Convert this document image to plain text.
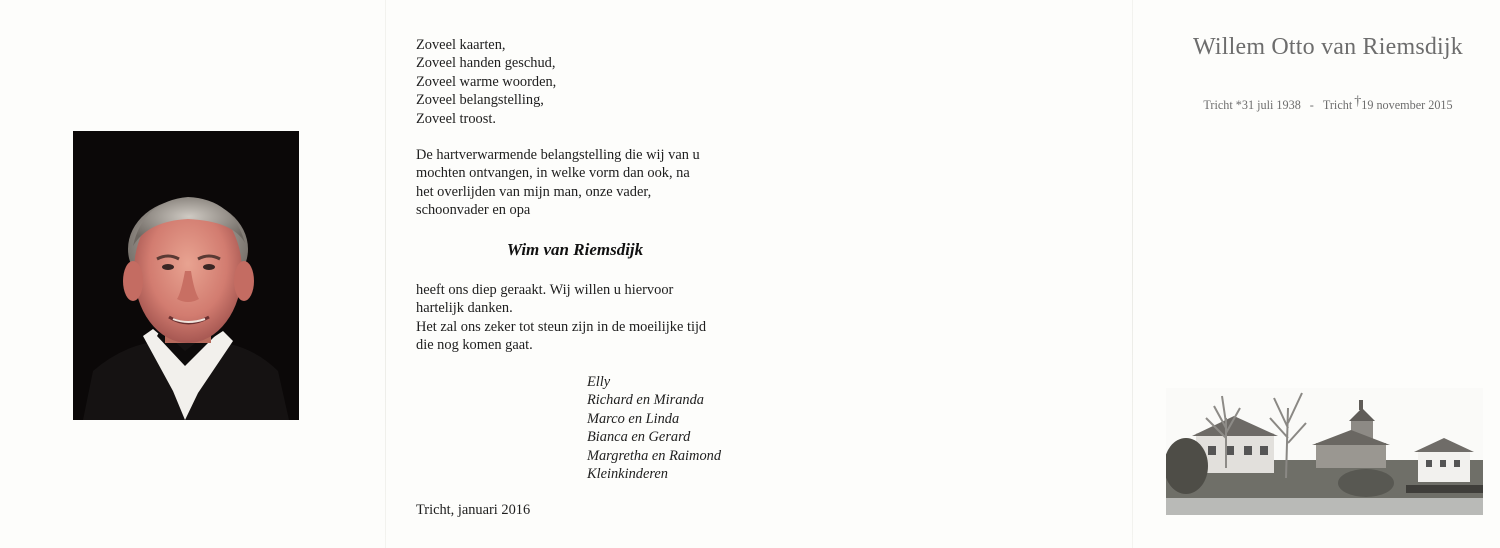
Zoveel kaarten,
Zoveel handen geschud,
Zoveel warme woorden,
Zoveel belangstelling,
Zoveel troost.
De hartverwarmende belangstelling die wij van u
mochten ontvangen, in welke vorm dan ook, na
het overlijden van mijn man, onze vader,
schoonvader en opa
Wim van Riemsdijk
heeft ons diep geraakt. Wij willen u hiervoor
hartelijk danken.
Het zal ons zeker tot steun zijn in de moeilijke tijd
die nog komen gaat.
Elly
Richard en Miranda
Marco en Linda
Bianca en Gerard
Margretha en Raimond
Kleinkinderen
Tricht, januari 2016
Willem Otto van Riemsdijk
Tricht *31 juli 1938 - Tricht †19 november 2015
